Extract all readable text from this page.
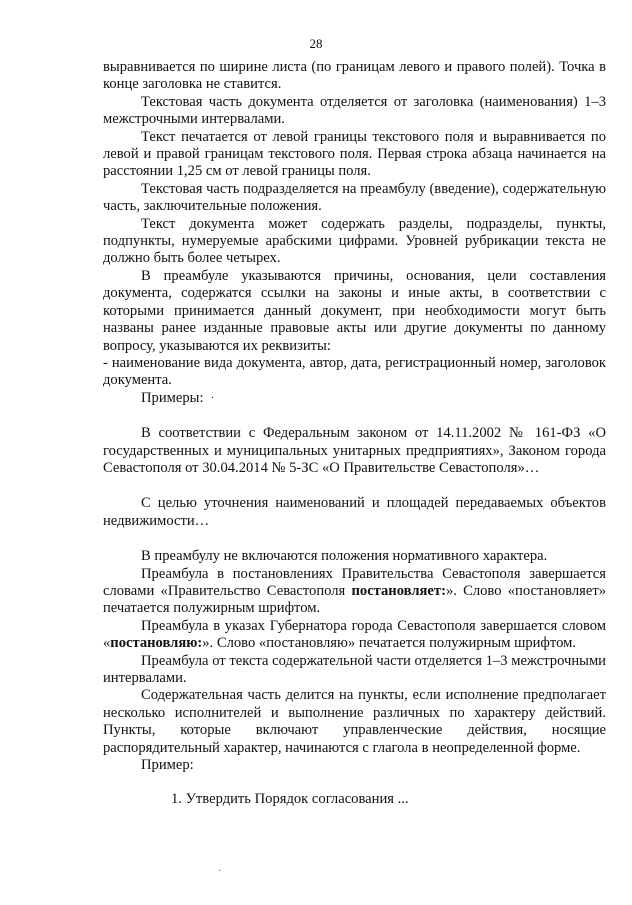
28

выравнивается по ширине листа (по границам левого и правого полей). Точка в конце заголовка не ставится.

Текстовая часть документа отделяется от заголовка (наименования) 1–3 межстрочными интервалами.

Текст печатается от левой границы текстового поля и выравнивается по левой и правой границам текстового поля. Первая строка абзаца начинается на расстоянии 1,25 см от левой границы поля.

Текстовая часть подразделяется на преамбулу (введение), содержательную часть, заключительные положения.

Текст документа может содержать разделы, подразделы, пункты, подпункты, нумеруемые арабскими цифрами. Уровней рубрикации текста не должно быть более четырех.

В преамбуле указываются причины, основания, цели составления документа, содержатся ссылки на законы и иные акты, в соответствии с которыми принимается данный документ, при необходимости могут быть названы ранее изданные правовые акты или другие документы по данному вопросу, указываются их реквизиты:

- наименование вида документа, автор, дата, регистрационный номер, заголовок документа.

Примеры: ·

В соответствии с Федеральным законом от 14.11.2002 № 161-ФЗ «О государственных и муниципальных унитарных предприятиях», Законом города Севастополя от 30.04.2014 № 5-ЗС «О Правительстве Севастополя»…

С целью уточнения наименований и площадей передаваемых объектов недвижимости…

В преамбулу не включаются положения нормативного характера.

Преамбула в постановлениях Правительства Севастополя завершается словами «Правительство Севастополя постановляет:». Слово «постановляет» печатается полужирным шрифтом.

Преамбула в указах Губернатора города Севастополя завершается словом «постановляю:». Слово «постановляю» печатается полужирным шрифтом.

Преамбула от текста содержательной части отделяется 1–3 межстрочными интервалами.

Содержательная часть делится на пункты, если исполнение предполагает несколько исполнителей и выполнение различных по характеру действий. Пункты, которые включают управленческие действия, носящие распорядительный характер, начинаются с глагола в неопределенной форме.

Пример:

1. Утвердить Порядок согласования ...

·
